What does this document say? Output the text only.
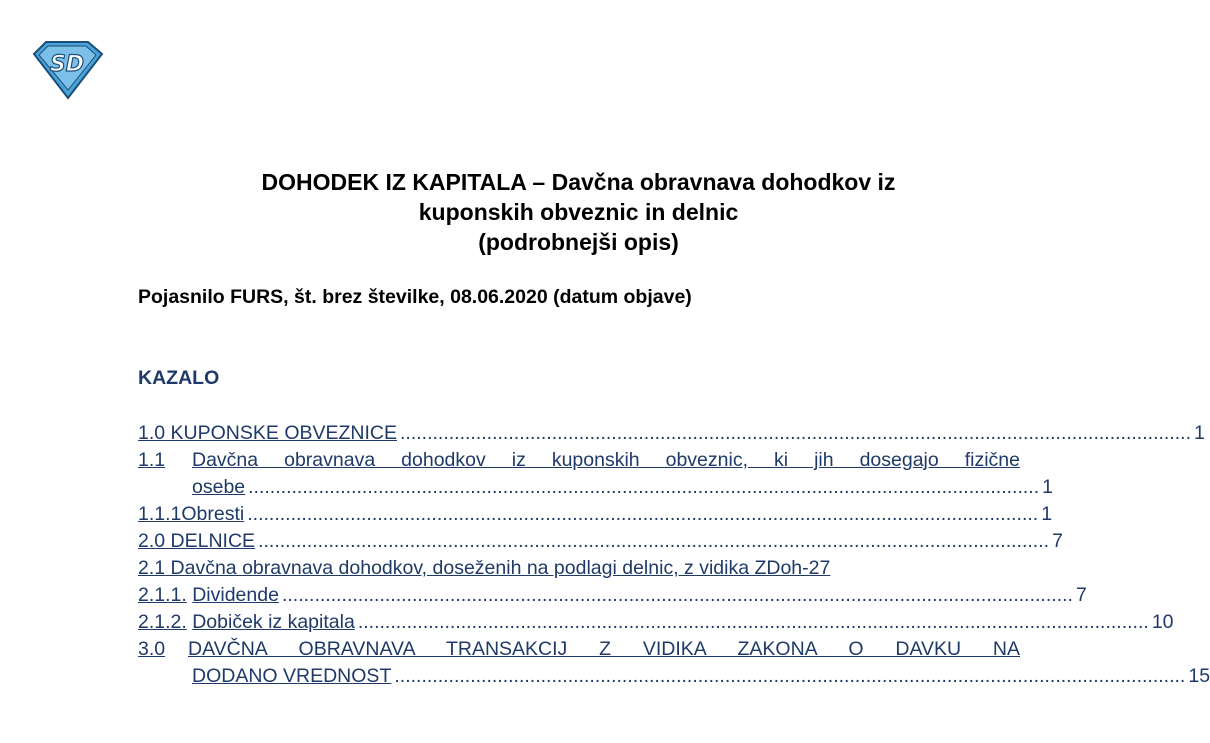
SD
DOHODEK IZ KAPITALA – Davčna obravnava dohodkov iz
kuponskih obveznic in delnic
(podrobnejši opis)
Pojasnilo FURS, št. brez številke, 08.06.2020 (datum objave)
KAZALO
1.0 KUPONSKE OBVEZNICE .................................................................................................................................................. 1
1.1 Davčna obravnava dohodkov iz kuponskih obveznic, ki jih dosegajo fizične
osebe .................................................................................................................................................. 1
1.1.1Obresti .................................................................................................................................................. 1
2.0 DELNICE .................................................................................................................................................. 7
2.1 Davčna obravnava dohodkov, doseženih na podlagi delnic, z vidika ZDoh-27
2.1.1.
Dividende .................................................................................................................................................. 7
2.1.2.
Dobiček iz kapitala .................................................................................................................................................. 10
3.0 DAVČNA OBRAVNAVA TRANSAKCIJ Z VIDIKA ZAKONA O DAVKU NA
DODANO VREDNOST .................................................................................................................................................. 15
